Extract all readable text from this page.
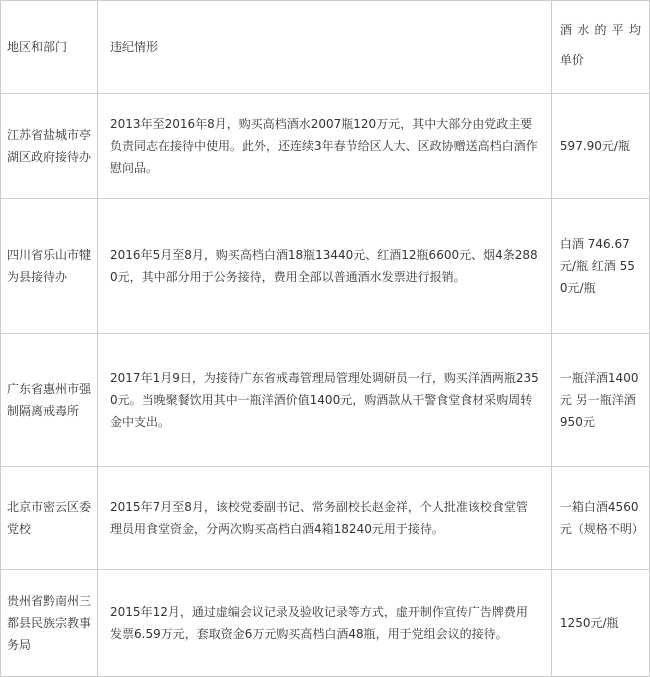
地区和部门	违纪情形	酒水的平均
单价

江苏省盐城市亭湖区政府接待办	2013年至2016年8月，购买高档酒水2007瓶120万元，其中大部分由党政主要负责同志在接待中使用。此外，还连续3年春节给区人大、区政协赠送高档白酒作慰问品。	597.90元/瓶

四川省乐山市犍为县接待办	2016年5月至8月，购买高档白酒18瓶13440元、红酒12瓶6600元、烟4条2880元，其中部分用于公务接待，费用全部以普通酒水发票进行报销。	白酒 746.67元/瓶 红酒 550元/瓶

广东省惠州市强制隔离戒毒所	2017年1月9日，为接待广东省戒毒管理局管理处调研员一行，购买洋酒两瓶2350元。当晚聚餐饮用其中一瓶洋酒价值1400元，购酒款从干警食堂食材采购周转金中支出。	一瓶洋酒1400元 另一瓶洋酒950元

北京市密云区委党校	2015年7月至8月，该校党委副书记、常务副校长赵金祥，个人批准该校食堂管理员用食堂资金，分两次购买高档白酒4箱18240元用于接待。	一箱白酒4560元（规格不明）

贵州省黔南州三都县民族宗教事务局	2015年12月，通过虚编会议记录及验收记录等方式，虚开制作宣传广告牌费用发票6.59万元，套取资金6万元购买高档白酒48瓶，用于党组会议的接待。	1250元/瓶
